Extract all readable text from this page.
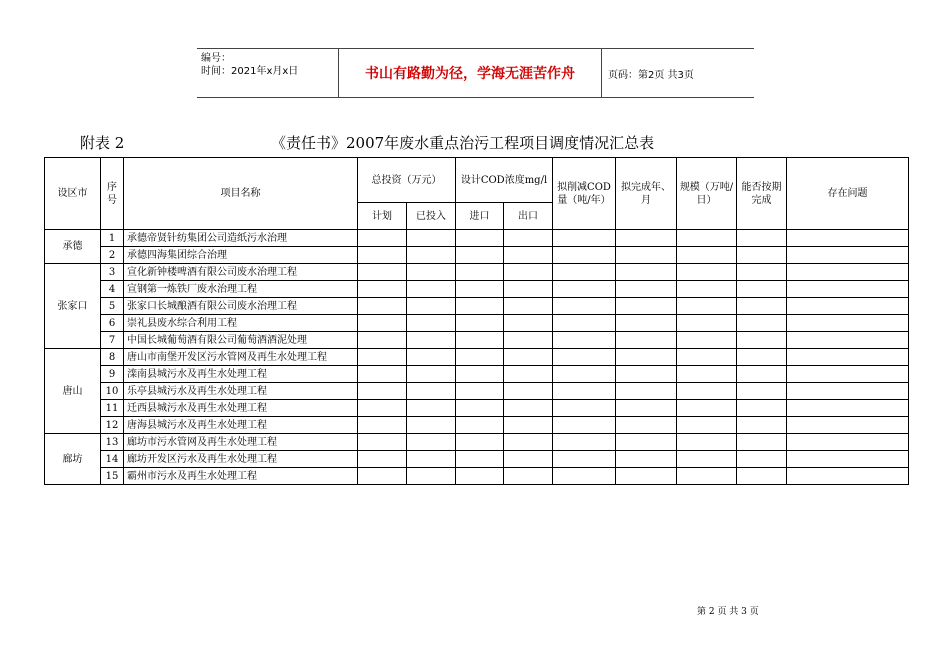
编号：
时间：2021年x月x日	书山有路勤为径，学海无涯苦作舟	页码：第2页 共3页
附表 2	《责任书》2007年废水重点治污工程项目调度情况汇总表
设区市	序号	项目名称	总投资（万元）		设计COD浓度mg/l		拟削减COD量（吨/年）	拟完成年、月	规模（万吨/日）	能否按期完成	存在问题
			计划	已投入	进口	出口					
承德	1	承德帝贤针纺集团公司造纸污水治理									
	2	承德四海集团综合治理									
张家口	3	宣化新钟楼啤酒有限公司废水治理工程									
	4	宣钢第一炼铁厂废水治理工程									
	5	张家口长城酿酒有限公司废水治理工程									
	6	崇礼县废水综合利用工程									
	7	中国长城葡萄酒有限公司葡萄酒酒泥处理									
唐山	8	唐山市南堡开发区污水管网及再生水处理工程									
	9	滦南县城污水及再生水处理工程									
	10	乐亭县城污水及再生水处理工程									
	11	迁西县城污水及再生水处理工程									
	12	唐海县城污水及再生水处理工程									
廊坊	13	廊坊市污水管网及再生水处理工程									
	14	廊坊开发区污水及再生水处理工程									
	15	霸州市污水及再生水处理工程									
第 2 页 共 3 页
